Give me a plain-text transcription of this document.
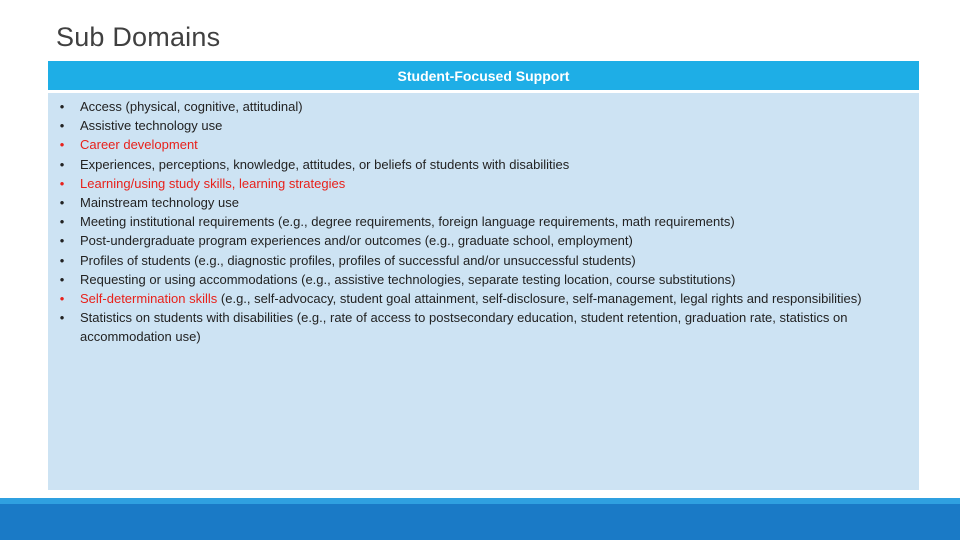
Sub Domains
Student-Focused Support
• Access (physical, cognitive, attitudinal)
• Assistive technology use
• Career development
• Experiences, perceptions, knowledge, attitudes, or beliefs of students with disabilities
• Learning/using study skills, learning strategies
• Mainstream technology use
• Meeting institutional requirements (e.g., degree requirements, foreign language requirements, math requirements)
• Post-undergraduate program experiences and/or outcomes (e.g., graduate school, employment)
• Profiles of students (e.g., diagnostic profiles, profiles of successful and/or unsuccessful students)
• Requesting or using accommodations (e.g., assistive technologies, separate testing location, course substitutions)
• Self-determination skills (e.g., self-advocacy, student goal attainment, self-disclosure, self-management, legal rights and responsibilities)
• Statistics on students with disabilities (e.g., rate of access to postsecondary education, student retention, graduation rate, statistics on accommodation use)
